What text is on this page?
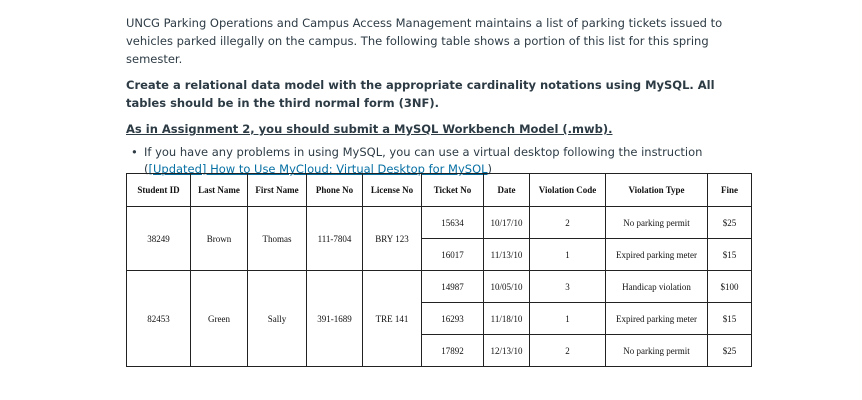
UNCG Parking Operations and Campus Access Management maintains a list of parking tickets issued to vehicles parked illegally on the campus. The following table shows a portion of this list for this spring semester.

Create a relational data model with the appropriate cardinality notations using MySQL. All tables should be in the third normal form (3NF).

As in Assignment 2, you should submit a MySQL Workbench Model (.mwb).

• If you have any problems in using MySQL, you can use a virtual desktop following the instruction ([Updated] How to Use MyCloud: Virtual Desktop for MySQL)
Student ID	Last Name	First Name	Phone No	License No	Ticket No	Date	Violation Code	Violation Type	Fine
38249	Brown	Thomas	111-7804	BRY 123	15634	10/17/10	2	No parking permit	$25
					16017	11/13/10	1	Expired parking meter	$15
82453	Green	Sally	391-1689	TRE 141	14987	10/05/10	3	Handicap violation	$100
					16293	11/18/10	1	Expired parking meter	$15
					17892	12/13/10	2	No parking permit	$25
